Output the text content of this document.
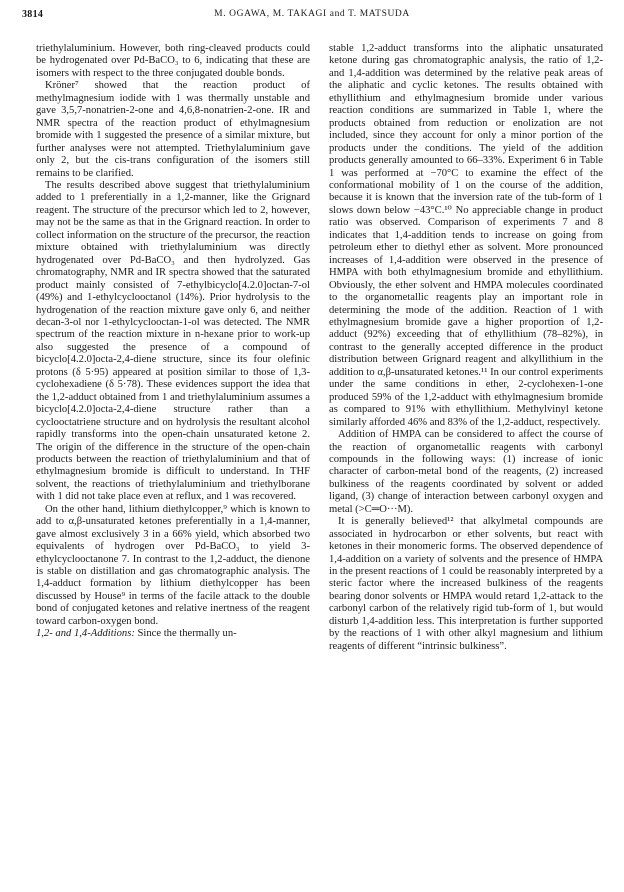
3814	M. OGAWA, M. TAKAGI and T. MATSUDA

triethylaluminium. However, both ring-cleaved products could be hydrogenated over Pd-BaCO₃ to 6, indicating that these are isomers with respect to the three conjugated double bonds.

Kröner⁷ showed that the reaction product of methylmagnesium iodide with 1 was thermally unstable and gave 3,5,7-nonatrien-2-one and 4,6,8-nonatrien-2-one. IR and NMR spectra of the reaction product of ethylmagnesium bromide with 1 suggested the presence of a similar mixture, but further analyses were not attempted. Triethylaluminium gave only 2, but the cis-trans configuration of the isomers still remains to be clarified.

The results described above suggest that triethylaluminium added to 1 preferentially in a 1,2-manner, like the Grignard reagent. The structure of the precursor which led to 2, however, may not be the same as that in the Grignard reaction. In order to collect information on the structure of the precursor, the reaction mixture obtained with triethylaluminium was directly hydrogenated over Pd-BaCO₃ and then hydrolyzed. Gas chromatography, NMR and IR spectra showed that the saturated product mainly consisted of 7-ethylbicyclo[4.2.0]octan-7-ol (49%) and 1-ethylcyclooctanol (14%). Prior hydrolysis to the hydrogenation of the reaction mixture gave only 6, and neither decan-3-ol nor 1-ethylcyclooctan-1-ol was detected. The NMR spectrum of the reaction mixture in n-hexane prior to work-up also suggested the presence of a compound of bicyclo[4.2.0]octa-2,4-diene structure, since its four olefinic protons (δ 5·95) appeared at position similar to those of 1,3-cyclohexadiene (δ 5·78). These evidences support the idea that the 1,2-adduct obtained from 1 and triethylaluminium assumes a bicyclo[4.2.0]octa-2,4-diene structure rather than a cyclooctatriene structure and on hydrolysis the resultant alcohol rapidly transforms into the open-chain unsaturated ketone 2. The origin of the difference in the structure of the open-chain products between the reaction of triethylaluminium and that of ethylmagnesium bromide is difficult to understand. In THF solvent, the reactions of triethylaluminium and triethylborane with 1 did not take place even at reflux, and 1 was recovered.

On the other hand, lithium diethylcopper,⁹ which is known to add to α,β-unsaturated ketones preferentially in a 1,4-manner, gave almost exclusively 3 in a 66% yield, which absorbed two equivalents of hydrogen over Pd-BaCO₃ to yield 3-ethylcyclooctanone 7. In contrast to the 1,2-adduct, the dienone is stable on distillation and gas chromatographic analysis. The 1,4-adduct formation by lithium diethylcopper has been discussed by House⁹ in terms of the facile attack to the double bond of conjugated ketones and relative inertness of the reagent toward carbon-oxygen bond.

1,2- and 1,4-Additions: Since the thermally un-

stable 1,2-adduct transforms into the aliphatic unsaturated ketone during gas chromatographic analysis, the ratio of 1,2- and 1,4-addition was determined by the relative peak areas of the aliphatic and cyclic ketones. The results obtained with ethyllithium and ethylmagnesium bromide under various reaction conditions are summarized in Table 1, where the products obtained from reduction or enolization are not included, since they account for only a minor portion of the products under the conditions. The yield of the addition products generally amounted to 66–33%. Experiment 6 in Table 1 was performed at −70°C to examine the effect of the conformational mobility of 1 on the course of the addition, because it is known that the inversion rate of the tub-form of 1 slows down below −43°C.¹⁰ No appreciable change in product ratio was observed. Comparison of experiments 7 and 8 indicates that 1,4-addition tends to increase on going from petroleum ether to diethyl ether as solvent. More pronounced increases of 1,4-addition were observed in the presence of HMPA with both ethylmagnesium bromide and ethyllithium. Obviously, the ether solvent and HMPA molecules coordinated to the organometallic reagents play an important role in determining the mode of the addition. Reaction of 1 with ethylmagnesium bromide gave a higher proportion of 1,2-adduct (92%) exceeding that of ethyllithium (78–82%), in contrast to the generally accepted difference in the product distribution between Grignard reagent and alkyllithium in the addition to α,β-unsaturated ketones.¹¹ In our control experiments under the same conditions in ether, 2-cyclohexen-1-one produced 59% of the 1,2-adduct with ethylmagnesium bromide as compared to 91% with ethyllithium. Methylvinyl ketone similarly afforded 46% and 83% of the 1,2-adduct, respectively.

Addition of HMPA can be considered to affect the course of the reaction of organometallic reagents with carbonyl compounds in the following ways: (1) increase of ionic character of carbon-metal bond of the reagents, (2) increased bulkiness of the reagents coordinated by solvent or added ligand, (3) change of interaction between carbonyl oxygen and metal (>C═O···M).

It is generally believed¹² that alkylmetal compounds are associated in hydrocarbon or ether solvents, but react with ketones in their monomeric forms. The observed dependence of 1,4-addition on a variety of solvents and the presence of HMPA in the present reactions of 1 could be reasonably interpreted by a steric factor where the increased bulkiness of the reagents bearing donor solvents or HMPA would retard 1,2-attack to the carbonyl carbon of the relatively rigid tub-form of 1, but would disturb 1,4-addition less. This interpretation is further supported by the reactions of 1 with other alkyl magnesium and lithium reagents of different “intrinsic bulkiness”.
